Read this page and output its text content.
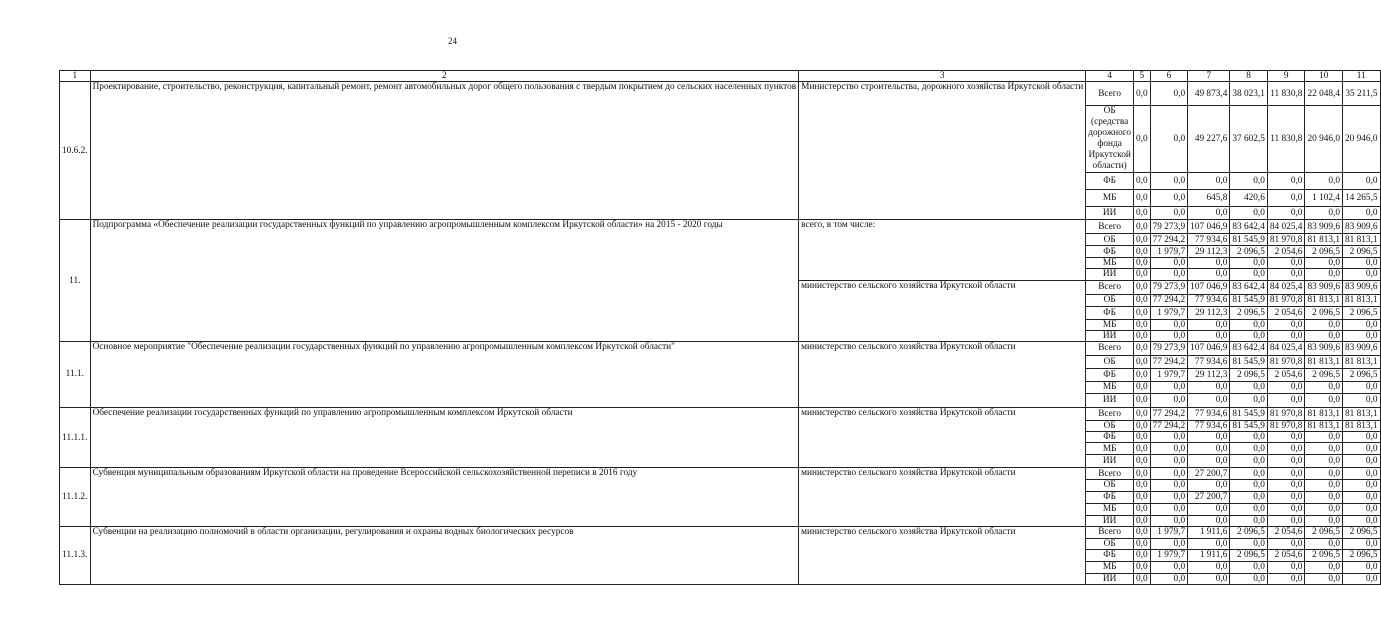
24
1	2	3	4	5	6	7	8	9	10	11
10.6.2.	Проектирование, строительство, реконструкция, капитальный ремонт, ремонт автомобильных дорог общего пользования с твердым покрытием до сельских населенных пунктов	Министерство строительства, дорожного хозяйства Иркутской области	Всего	0,0	0,0	49 873,4	38 023,1	11 830,8	22 048,4	35 211,5
			ОБ (средства дорожного фонда Иркутской области)	0,0	0,0	49 227,6	37 602,5	11 830,8	20 946,0	20 946,0
			ФБ	0,0	0,0	0,0	0,0	0,0	0,0	0,0
			МБ	0,0	0,0	645,8	420,6	0,0	1 102,4	14 265,5
			ИИ	0,0	0,0	0,0	0,0	0,0	0,0	0,0
11.	Подпрограмма «Обеспечение реализации государственных функций по управлению агропромышленным комплексом Иркутской области» на 2015 - 2020 годы	всего, в том числе:	Всего	0,0	79 273,9	107 046,9	83 642,4	84 025,4	83 909,6	83 909,6
			ОБ	0,0	77 294,2	77 934,6	81 545,9	81 970,8	81 813,1	81 813,1
			ФБ	0,0	1 979,7	29 112,3	2 096,5	2 054,6	2 096,5	2 096,5
			МБ	0,0	0,0	0,0	0,0	0,0	0,0	0,0
			ИИ	0,0	0,0	0,0	0,0	0,0	0,0	0,0
		министерство сельского хозяйства Иркутской области	Всего	0,0	79 273,9	107 046,9	83 642,4	84 025,4	83 909,6	83 909,6
			ОБ	0,0	77 294,2	77 934,6	81 545,9	81 970,8	81 813,1	81 813,1
			ФБ	0,0	1 979,7	29 112,3	2 096,5	2 054,6	2 096,5	2 096,5
			МБ	0,0	0,0	0,0	0,0	0,0	0,0	0,0
			ИИ	0,0	0,0	0,0	0,0	0,0	0,0	0,0
11.1.	Основное мероприятие "Обеспечение реализации государственных функций по управлению агропромышленным комплексом Иркутской области"	министерство сельского хозяйства Иркутской области	Всего	0,0	79 273,9	107 046,9	83 642,4	84 025,4	83 909,6	83 909,6
			ОБ	0,0	77 294,2	77 934,6	81 545,9	81 970,8	81 813,1	81 813,1
			ФБ	0,0	1 979,7	29 112,3	2 096,5	2 054,6	2 096,5	2 096,5
			МБ	0,0	0,0	0,0	0,0	0,0	0,0	0,0
			ИИ	0,0	0,0	0,0	0,0	0,0	0,0	0,0
11.1.1.	Обеспечение реализации государственных функций по управлению агропромышленным комплексом Иркутской области	министерство сельского хозяйства Иркутской области	Всего	0,0	77 294,2	77 934,6	81 545,9	81 970,8	81 813,1	81 813,1
			ОБ	0,0	77 294,2	77 934,6	81 545,9	81 970,8	81 813,1	81 813,1
			ФБ	0,0	0,0	0,0	0,0	0,0	0,0	0,0
			МБ	0,0	0,0	0,0	0,0	0,0	0,0	0,0
			ИИ	0,0	0,0	0,0	0,0	0,0	0,0	0,0
11.1.2.	Субвенция муниципальным образованиям Иркутской области на проведение Всероссийской сельскохозяйственной переписи в 2016 году	министерство сельского хозяйства Иркутской области	Всего	0,0	0,0	27 200,7	0,0	0,0	0,0	0,0
			ОБ	0,0	0,0	0,0	0,0	0,0	0,0	0,0
			ФБ	0,0	0,0	27 200,7	0,0	0,0	0,0	0,0
			МБ	0,0	0,0	0,0	0,0	0,0	0,0	0,0
			ИИ	0,0	0,0	0,0	0,0	0,0	0,0	0,0
11.1.3.	Субвенции на реализацию полномочий в области организации, регулирования и охраны водных биологических ресурсов	министерство сельского хозяйства Иркутской области	Всего	0,0	1 979,7	1 911,6	2 096,5	2 054,6	2 096,5	2 096,5
			ОБ	0,0	0,0	0,0	0,0	0,0	0,0	0,0
			ФБ	0,0	1 979,7	1 911,6	2 096,5	2 054,6	2 096,5	2 096,5
			МБ	0,0	0,0	0,0	0,0	0,0	0,0	0,0
			ИИ	0,0	0,0	0,0	0,0	0,0	0,0	0,0
